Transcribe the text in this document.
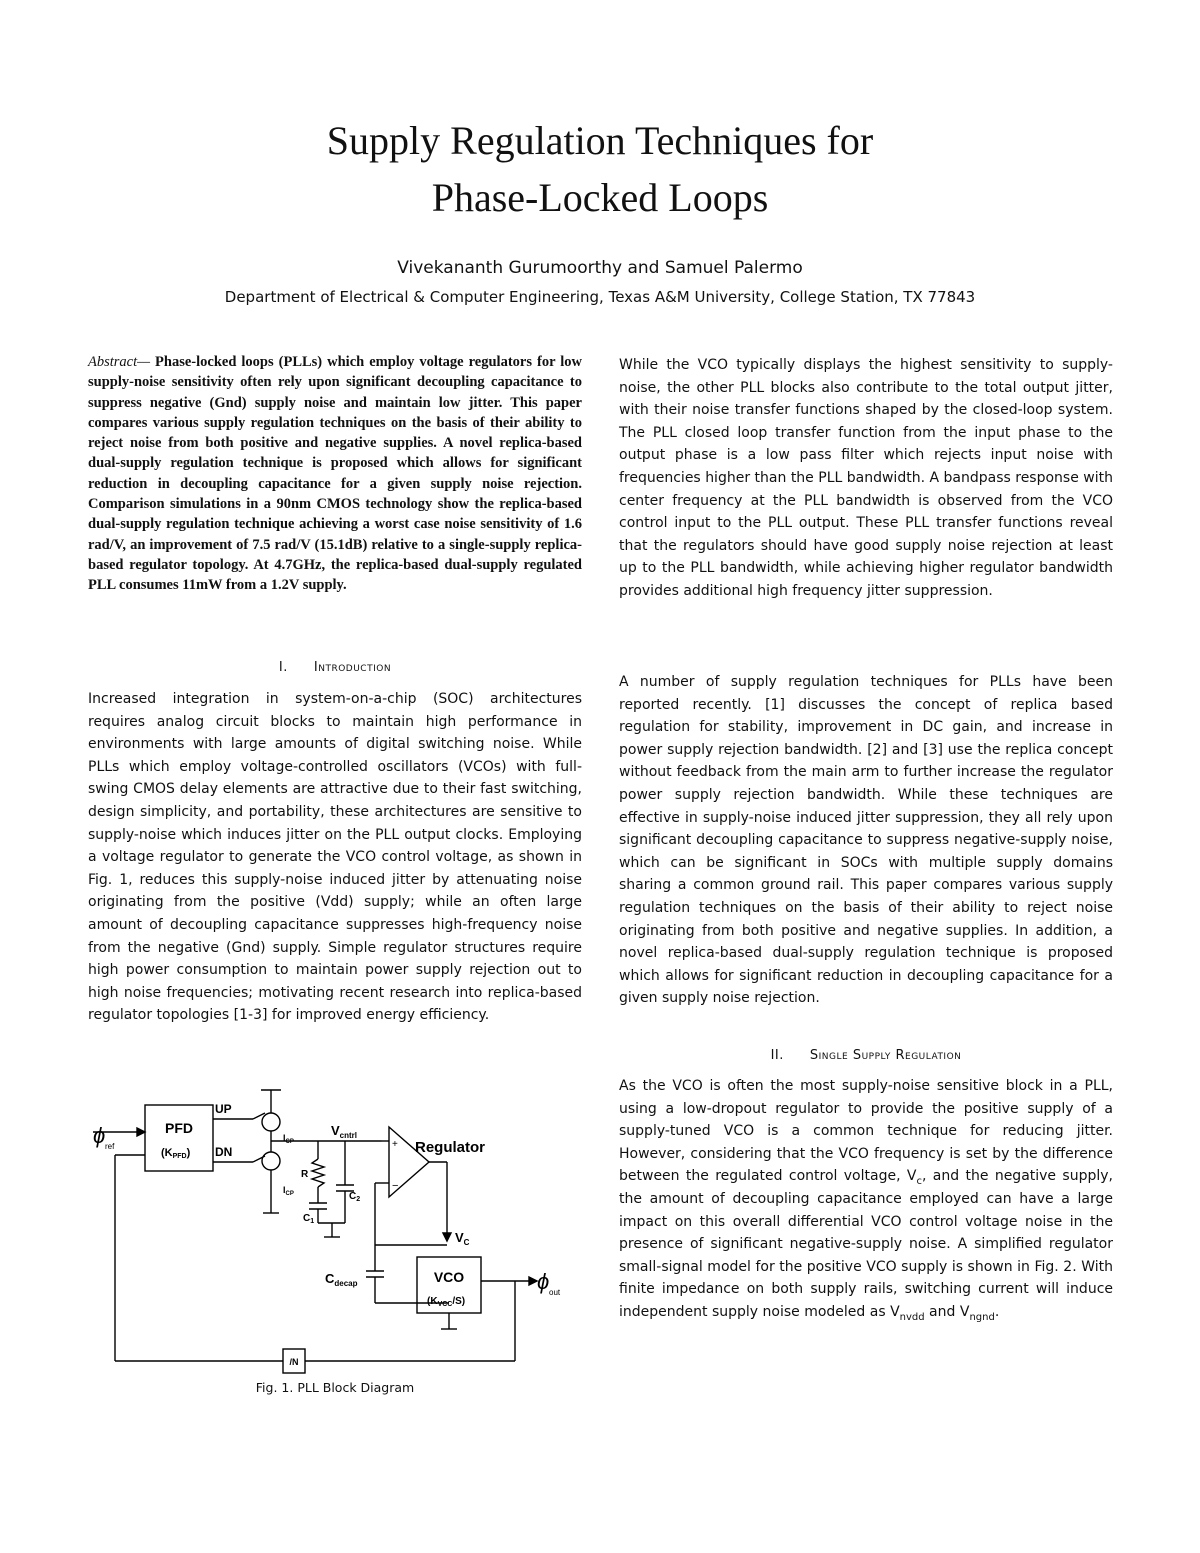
Supply Regulation Techniques for
Phase-Locked Loops
Vivekananth Gurumoorthy and Samuel Palermo
Department of Electrical & Computer Engineering, Texas A&M University, College Station, TX 77843

Abstract— Phase-locked loops (PLLs) which employ voltage regulators for low supply-noise sensitivity often rely upon significant decoupling capacitance to suppress negative (Gnd) supply noise and maintain low jitter. This paper compares various supply regulation techniques on the basis of their ability to reject noise from both positive and negative supplies. A novel replica-based dual-supply regulation technique is proposed which allows for significant reduction in decoupling capacitance for a given supply noise rejection. Comparison simulations in a 90nm CMOS technology show the replica-based dual-supply regulation technique achieving a worst case noise sensitivity of 1.6 rad/V, an improvement of 7.5 rad/V (15.1dB) relative to a single-supply replica-based regulator topology. At 4.7GHz, the replica-based dual-supply regulated PLL consumes 11mW from a 1.2V supply.

I. Introduction

Increased integration in system-on-a-chip (SOC) architectures requires analog circuit blocks to maintain high performance in environments with large amounts of digital switching noise. While PLLs which employ voltage-controlled oscillators (VCOs) with full-swing CMOS delay elements are attractive due to their fast switching, design simplicity, and portability, these architectures are sensitive to supply-noise which induces jitter on the PLL output clocks. Employing a voltage regulator to generate the VCO control voltage, as shown in Fig. 1, reduces this supply-noise induced jitter by attenuating noise originating from the positive (Vdd) supply; while an often large amount of decoupling capacitance suppresses high-frequency noise from the negative (Gnd) supply. Simple regulator structures require high power consumption to maintain power supply rejection out to high noise frequencies; motivating recent research into replica-based regulator topologies [1-3] for improved energy efficiency.

ϕ ref
PFD
(KPFD)
UP
DN
$I_{CP}$
$I_{CP}$
$V_{cntrl}$
R
$C_1$
$C_2$
Regulator
+
−
$V_C$
$C_{decap}$	VCO
$(K_{VCC}/S)$
/N
ϕ out
Fig. 1. PLL Block Diagram

While the VCO typically displays the highest sensitivity to supply-noise, the other PLL blocks also contribute to the total output jitter, with their noise transfer functions shaped by the closed-loop system. The PLL closed loop transfer function from the input phase to the output phase is a low pass filter which rejects input noise with frequencies higher than the PLL bandwidth. A bandpass response with center frequency at the PLL bandwidth is observed from the VCO control input to the PLL output. These PLL transfer functions reveal that the regulators should have good supply noise rejection at least up to the PLL bandwidth, while achieving higher regulator bandwidth provides additional high frequency jitter suppression.

A number of supply regulation techniques for PLLs have been reported recently. [1] discusses the concept of replica based regulation for stability, improvement in DC gain, and increase in power supply rejection bandwidth. [2] and [3] use the replica concept without feedback from the main arm to further increase the regulator power supply rejection bandwidth. While these techniques are effective in supply-noise induced jitter suppression, they all rely upon significant decoupling capacitance to suppress negative-supply noise, which can be significant in SOCs with multiple supply domains sharing a common ground rail. This paper compares various supply regulation techniques on the basis of their ability to reject noise originating from both positive and negative supplies. In addition, a novel replica-based dual-supply regulation technique is proposed which allows for significant reduction in decoupling capacitance for a given supply noise rejection.

II. Single Supply Regulation

As the VCO is often the most supply-noise sensitive block in a PLL, using a low-dropout regulator to provide the positive supply of a supply-tuned VCO is a common technique for reducing jitter. However, considering that the VCO frequency is set by the difference between the regulated control voltage, $V_c$, and the negative supply, the amount of decoupling capacitance employed can have a large impact on this overall differential VCO control voltage noise in the presence of significant negative-supply noise. A simplified regulator small-signal model for the positive VCO supply is shown in Fig. 2. With finite impedance on both supply rails, switching current will induce independent supply noise modeled as $V_{nvdd}$ and $V_{ngnd}$.
